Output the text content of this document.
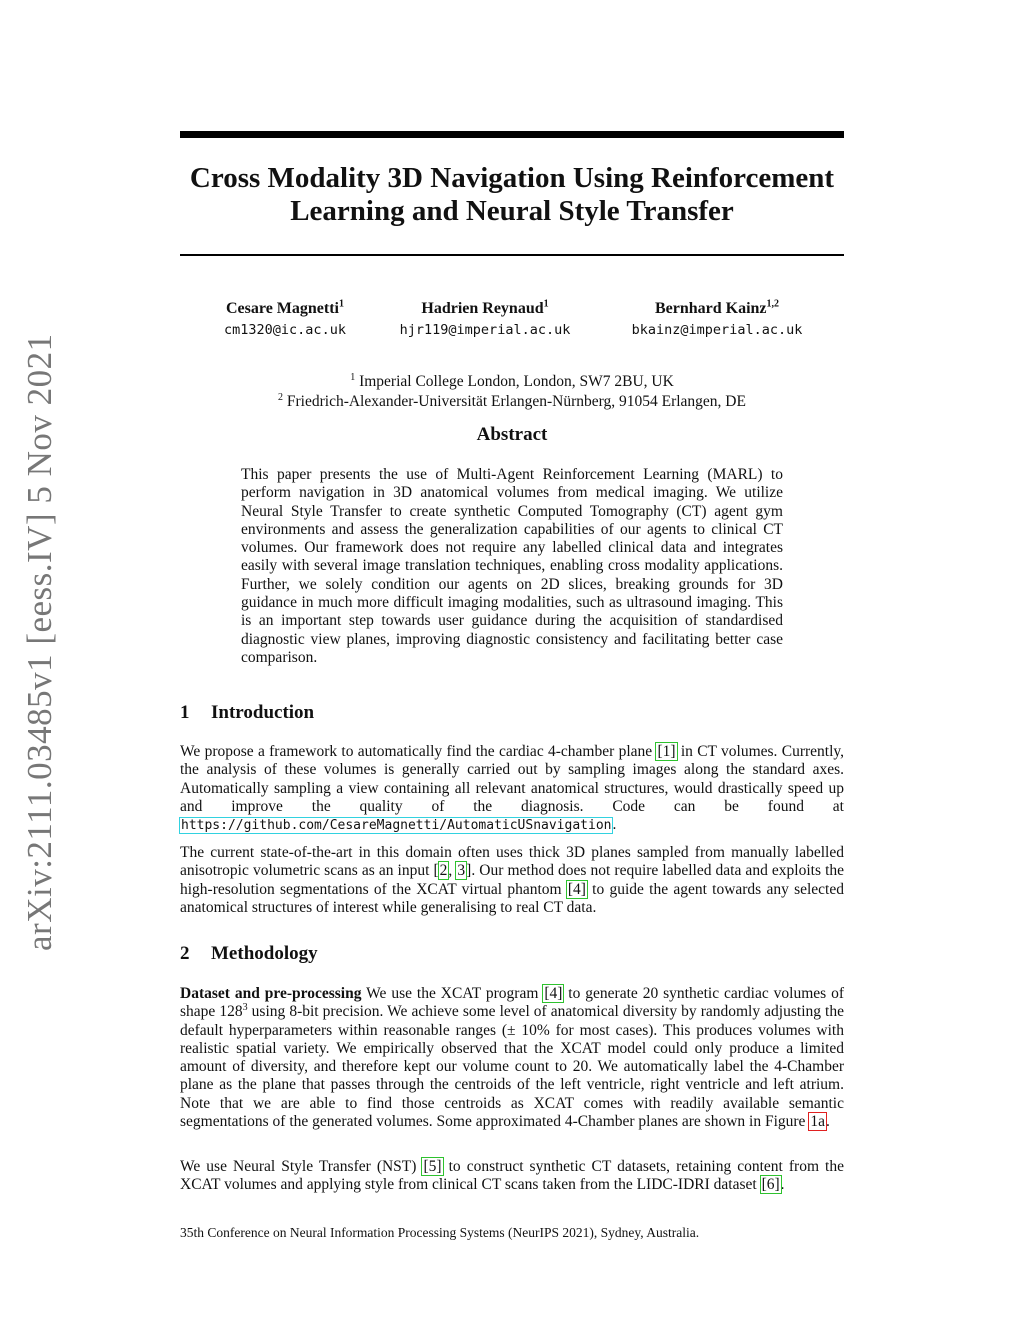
arXiv:2111.03485v1 [eess.IV] 5 Nov 2021
Cross Modality 3D Navigation Using Reinforcement
Learning and Neural Style Transfer
Cesare Magnetti$^1$
cm1320@ic.ac.uk
Hadrien Reynaud$^1$
hjr119@imperial.ac.uk
Bernhard Kainz$^{1,2}$
bkainz@imperial.ac.uk
$^1$ Imperial College London, London, SW7 2BU, UK
$^2$ Friedrich-Alexander-Universität Erlangen-Nürnberg, 91054 Erlangen, DE
Abstract

This paper presents the use of Multi-Agent Reinforcement Learning (MARL) to perform navigation in 3D anatomical volumes from medical imaging. We utilize Neural Style Transfer to create synthetic Computed Tomography (CT) agent gym environments and assess the generalization capabilities of our agents to clinical CT volumes. Our framework does not require any labelled clinical data and integrates easily with several image translation techniques, enabling cross modality applications. Further, we solely condition our agents on 2D slices, breaking grounds for 3D guidance in much more difficult imaging modalities, such as ultrasound imaging. This is an important step towards user guidance during the acquisition of standardised diagnostic view planes, improving diagnostic consistency and facilitating better case comparison.

1 Introduction

We propose a framework to automatically find the cardiac 4-chamber plane [1] in CT volumes. Currently, the analysis of these volumes is generally carried out by sampling images along the standard axes. Automatically sampling a view containing all relevant anatomical structures, would drastically speed up and improve the quality of the diagnosis. Code can be found at https://github.com/CesareMagnetti/AutomaticUSnavigation.

The current state-of-the-art in this domain often uses thick 3D planes sampled from manually labelled anisotropic volumetric scans as an input [2, 3]. Our method does not require labelled data and exploits the high-resolution segmentations of the XCAT virtual phantom [4] to guide the agent towards any selected anatomical structures of interest while generalising to real CT data.

2 Methodology

Dataset and pre-processing We use the XCAT program [4] to generate 20 synthetic cardiac volumes of shape $128^3$ using 8-bit precision. We achieve some level of anatomical diversity by randomly adjusting the default hyperparameters within reasonable ranges (± 10% for most cases). This produces volumes with realistic spatial variety. We empirically observed that the XCAT model could only produce a limited amount of diversity, and therefore kept our volume count to 20. We automatically label the 4-Chamber plane as the plane that passes through the centroids of the left ventricle, right ventricle and left atrium. Note that we are able to find those centroids as XCAT comes with readily available semantic segmentations of the generated volumes. Some approximated 4-Chamber planes are shown in Figure 1a.

We use Neural Style Transfer (NST) [5] to construct synthetic CT datasets, retaining content from the XCAT volumes and applying style from clinical CT scans taken from the LIDC-IDRI dataset [6].

35th Conference on Neural Information Processing Systems (NeurIPS 2021), Sydney, Australia.
